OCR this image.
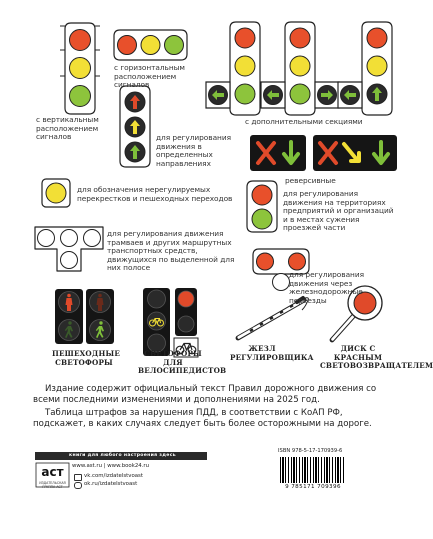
с горизонтальным расположением сигналов
с вертикальным расположением сигналов
с дополнительными секциями
для регулирования движения в определенных направлениях
реверсивные
для обозначения нерегулируемых перекрестков и пешеходных переходов
для регулирования движения на территориях предприятий и организаций и в местах сужения проезжей части
для регулирования движения трамваев и других маршрутных транспортных средств, движущихся по выделенной для них полосе
для регулирования движения через железнодорожные переезды
ПЕШЕХОДНЫЕ СВЕТОФОРЫ
СВЕТОФОРЫ ДЛЯ ВЕЛОСИПЕДИСТОВ
ЖЕЗЛ РЕГУЛИРОВЩИКА
ДИСК С КРАСНЫМ СВЕТОВОЗВРАЩАТЕЛЕМ

Издание содержит официальный текст Правил дорожного движения со всеми последними изменениями и дополнениями на 2025 год.

Таблица штрафов за нарушения ПДД, в соответствии с КоАП РФ, подскажет, в каких случаях следует быть более осторожными на дороге.

книги для любого настроения здесь
аст
ИЗДАТЕЛЬСКАЯ ГРУППА АСТ
www.ast.ru | www.book24.ru
vk.com/izdatelstvoast
ok.ru/izdatelstvoast
ISBN 978-5-17-170939-6
9 785171 709396
